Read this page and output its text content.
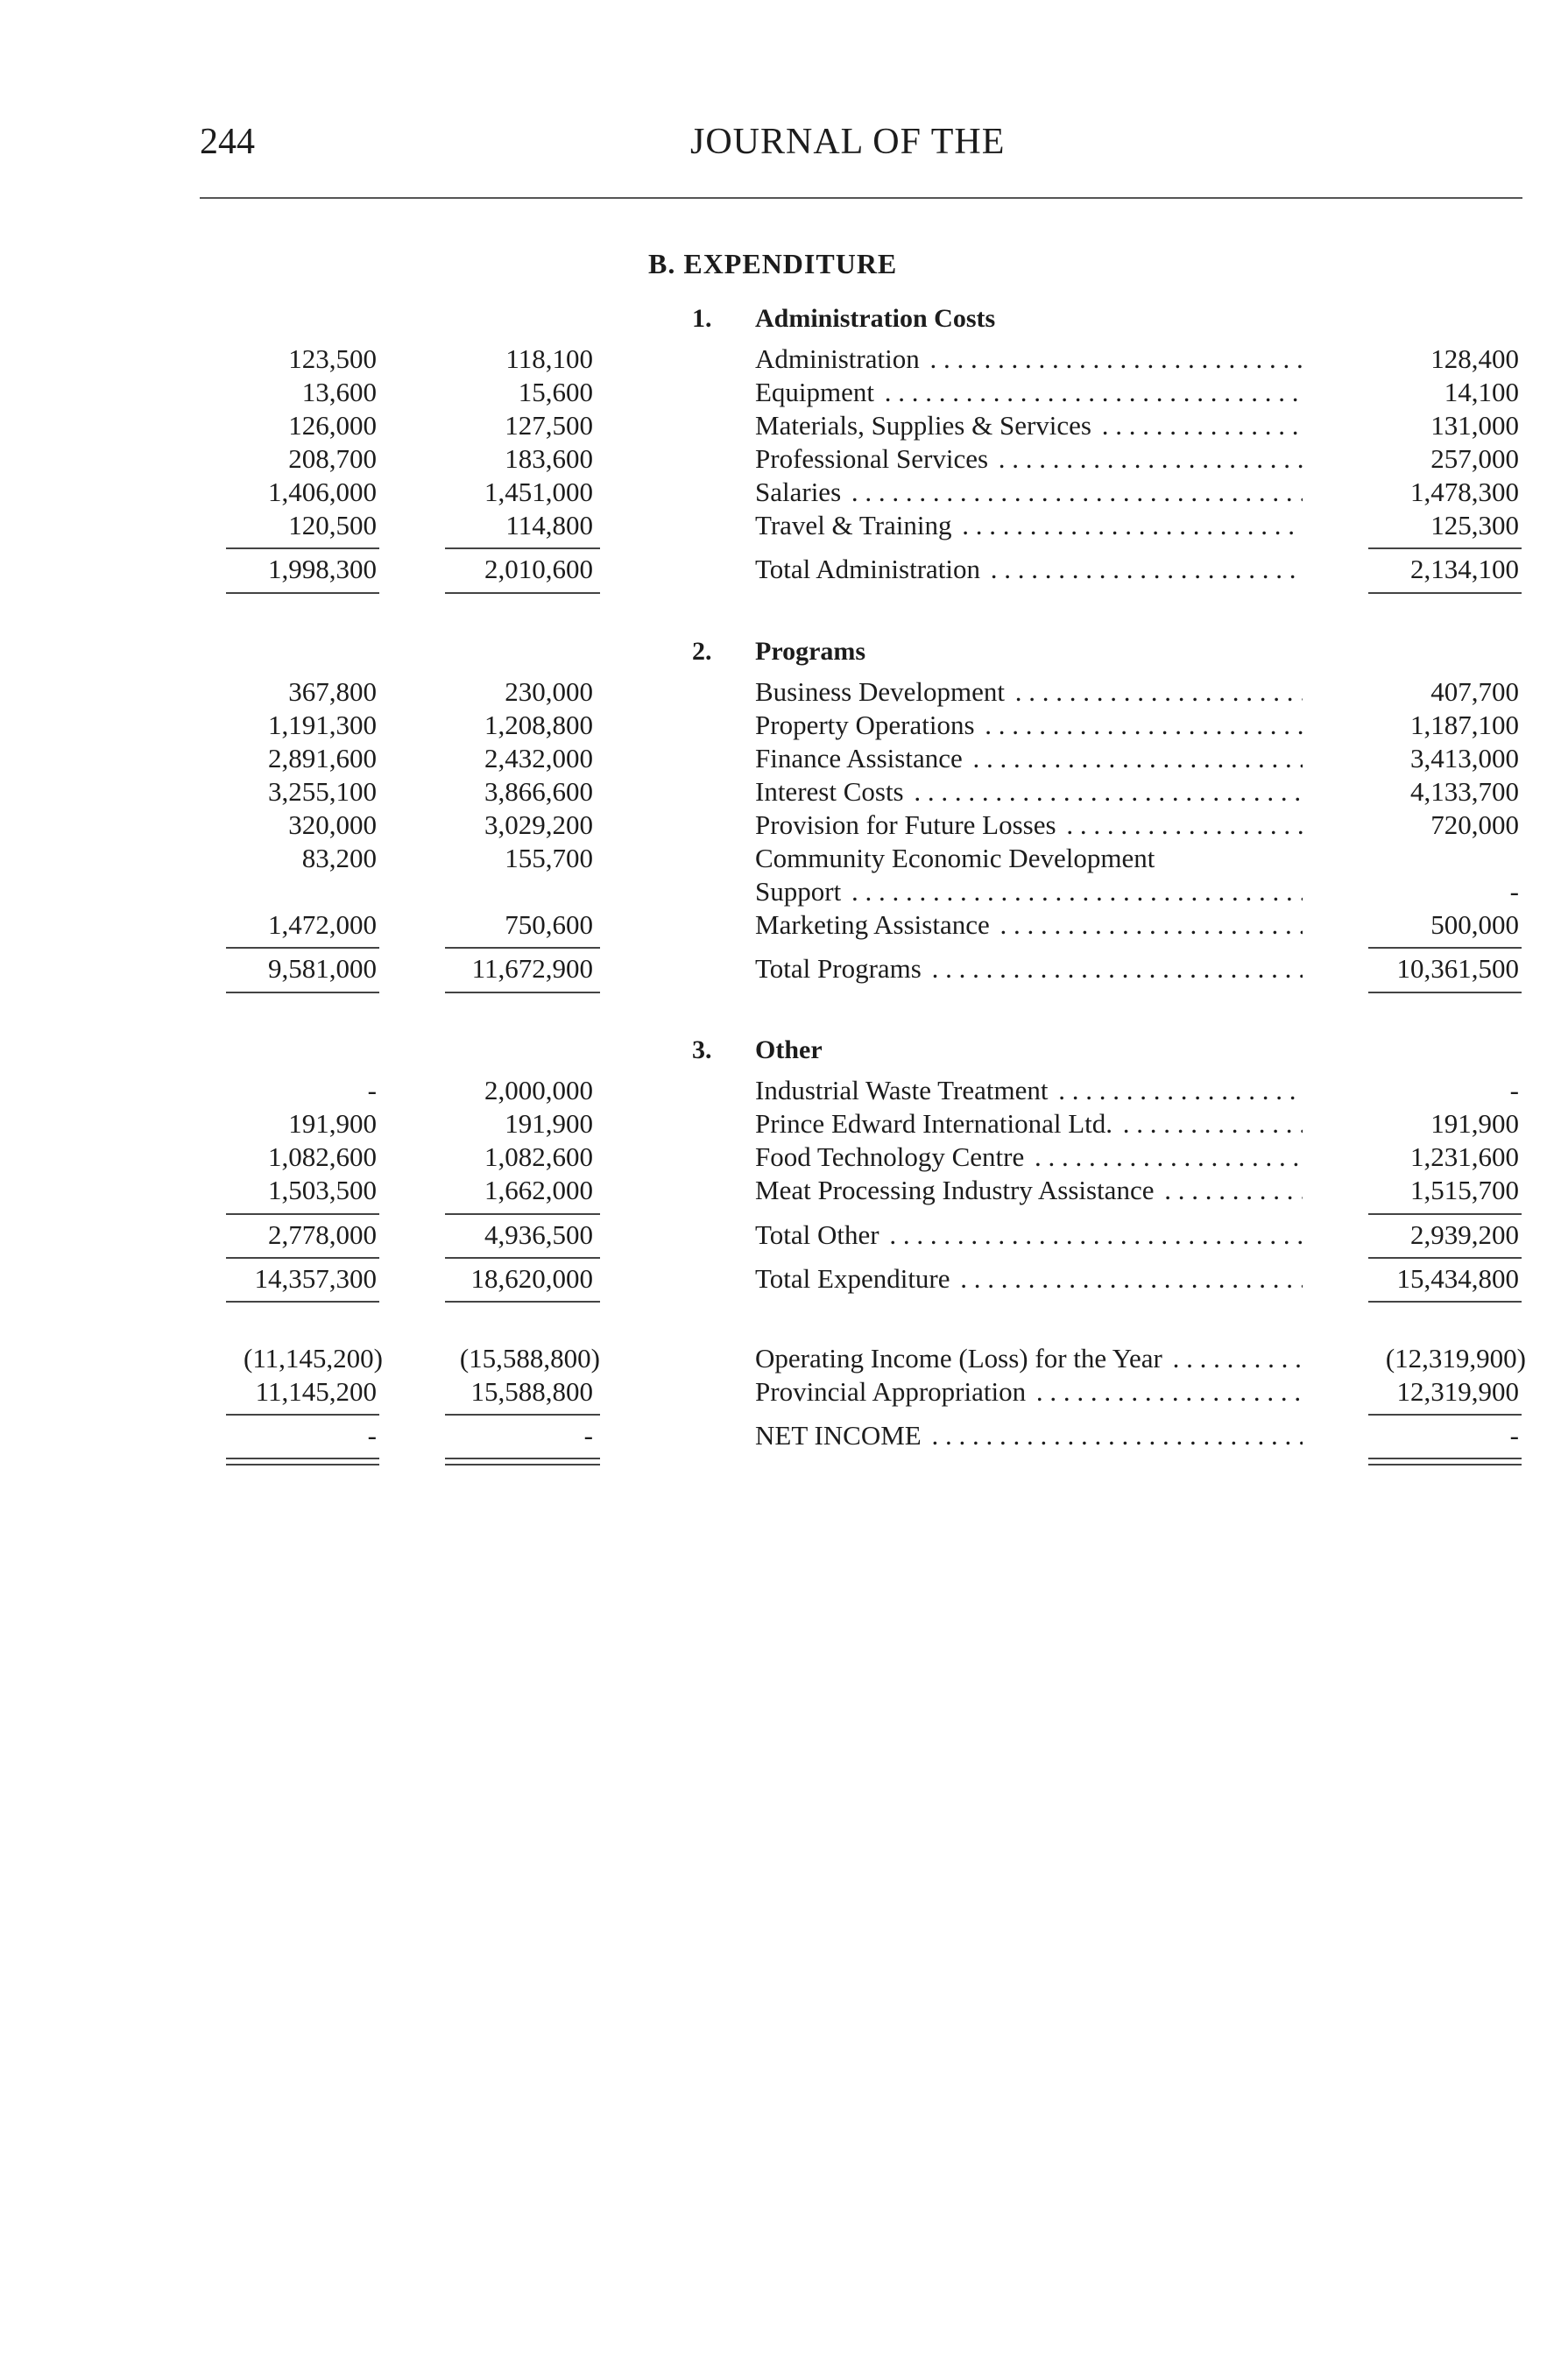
244	JOURNAL OF THE
B. EXPENDITURE
1. Administration Costs
123,500	118,100	Administration . . .	128,400
13,600	15,600	Equipment . . .	14,100
126,000	127,500	Materials, Supplies & Services . . .	131,000
208,700	183,600	Professional Services . . .	257,000
1,406,000	1,451,000	Salaries . . .	1,478,300
120,500	114,800	Travel & Training . . .	125,300
1,998,300	2,010,600	Total Administration . . .	2,134,100
2. Programs
367,800	230,000	Business Development . . .	407,700
1,191,300	1,208,800	Property Operations . . .	1,187,100
2,891,600	2,432,000	Finance Assistance . . .	3,413,000
3,255,100	3,866,600	Interest Costs . . .	4,133,700
320,000	3,029,200	Provision for Future Losses . . .	720,000
83,200	155,700	Community Economic Development
Support . . .	-
1,472,000	750,600	Marketing Assistance . . .	500,000
9,581,000	11,672,900	Total Programs . . .	10,361,500
3. Other
-	2,000,000	Industrial Waste Treatment . . .	-
191,900	191,900	Prince Edward International Ltd. . . .	191,900
1,082,600	1,082,600	Food Technology Centre . . .	1,231,600
1,503,500	1,662,000	Meat Processing Industry Assistance . . .	1,515,700
2,778,000	4,936,500	Total Other . . .	2,939,200
14,357,300	18,620,000	Total Expenditure . . .	15,434,800
(11,145,200)	(15,588,800)	Operating Income (Loss) for the Year . . .	(12,319,900)
11,145,200	15,588,800	Provincial Appropriation . . .	12,319,900
-	-	NET INCOME . . .	-
